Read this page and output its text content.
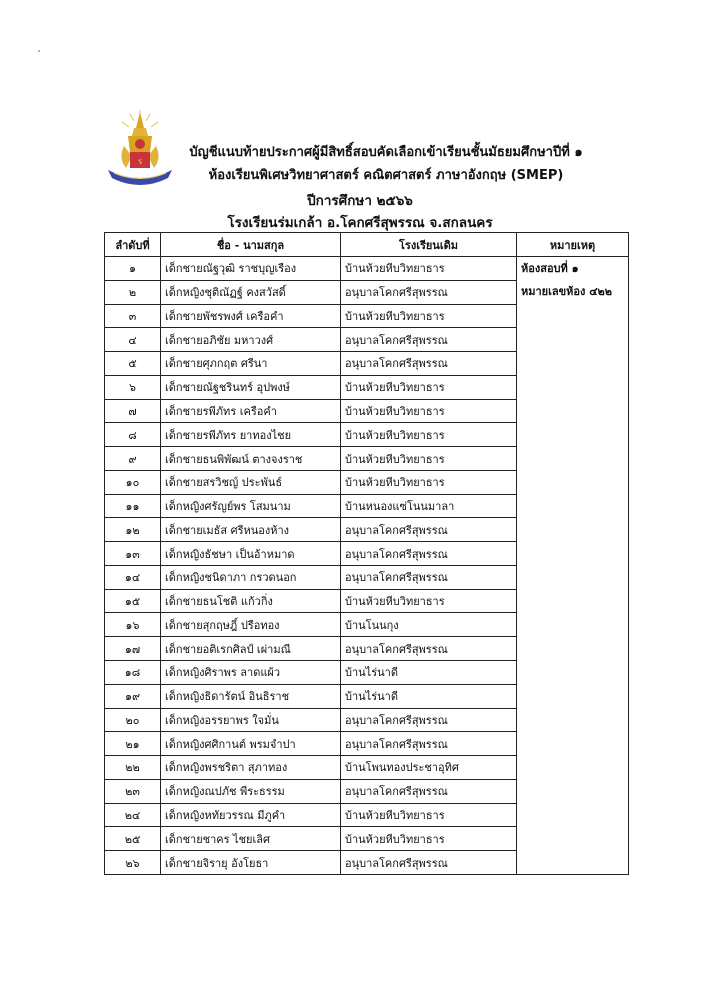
ร
บัญชีแนบท้ายประกาศผู้มีสิทธิ์สอบคัดเลือกเข้าเรียนชั้นมัธยมศึกษาปีที่ ๑
ห้องเรียนพิเศษวิทยาศาสตร์ คณิตศาสตร์ ภาษาอังกฤษ (SMEP)
ปีการศึกษา ๒๕๖๖
โรงเรียนร่มเกล้า อ.โคกศรีสุพรรณ จ.สกลนคร
ลำดับที่	ชื่อ - นามสกุล	โรงเรียนเดิม	หมายเหตุ
๑	เด็กชายณัฐวุฒิ ราชบุญเรือง	บ้านห้วยหีบวิทยาธาร	ห้องสอบที่ ๑
หมายเลขห้อง ๔๒๒

๒	เด็กหญิงชุติณัฏฐ์ คงสวัสดิ์	อนุบาลโคกศรีสุพรรณ	
๓	เด็กชายพัชรพงศ์ เครือคำ	บ้านห้วยหีบวิทยาธาร	
๔	เด็กชายอภิชัย มหาวงศ์	อนุบาลโคกศรีสุพรรณ	
๕	เด็กชายศุภกฤต ศรีนา	อนุบาลโคกศรีสุพรรณ	
๖	เด็กชายณัฐชรินทร์ อุปพงษ์	บ้านห้วยหีบวิทยาธาร	
๗	เด็กชายรพีภัทร เครือคำ	บ้านห้วยหีบวิทยาธาร	
๘	เด็กชายรพีภัทร ยาทองไชย	บ้านห้วยหีบวิทยาธาร	
๙	เด็กชายธนพิพัฒน์ ตางจงราช	บ้านห้วยหีบวิทยาธาร	
๑๐	เด็กชายสรวิชญ์ ประพันธ์	บ้านห้วยหีบวิทยาธาร	
๑๑	เด็กหญิงศรัญย์พร โสมนาม	บ้านหนองแซ่โนนมาลา	
๑๒	เด็กชายเมธัส ศรีหนองห้าง	อนุบาลโคกศรีสุพรรณ	
๑๓	เด็กหญิงธัชษา เป็นอ้าหมาด	อนุบาลโคกศรีสุพรรณ	
๑๔	เด็กหญิงชนิดาภา กรวดนอก	อนุบาลโคกศรีสุพรรณ	
๑๕	เด็กชายธนโชติ แก้วกิ่ง	บ้านห้วยหีบวิทยาธาร	
๑๖	เด็กชายสุกฤษฎิ์ ปรือทอง	บ้านโนนกุง	
๑๗	เด็กชายอติเรกศิลป์ เผ่ามณี	อนุบาลโคกศรีสุพรรณ	
๑๘	เด็กหญิงศิราพร ลาดแผ้ว	บ้านไร่นาดี	
๑๙	เด็กหญิงธิดารัตน์ อินธิราช	บ้านไร่นาดี	
๒๐	เด็กหญิงอรรยาพร ใจมั่น	อนุบาลโคกศรีสุพรรณ	
๒๑	เด็กหญิงศศิกานต์ พรมจำปา	อนุบาลโคกศรีสุพรรณ	
๒๒	เด็กหญิงพรชริตา สุภาทอง	บ้านโพนทองประชาอุทิศ	
๒๓	เด็กหญิงณปภัช พีระธรรม	อนุบาลโคกศรีสุพรรณ	
๒๔	เด็กหญิงหทัยวรรณ มีภูคำ	บ้านห้วยหีบวิทยาธาร	
๒๕	เด็กชายชาคร ไชยเลิศ	บ้านห้วยหีบวิทยาธาร	
๒๖	เด็กชายจิรายุ อังโยธา	อนุบาลโคกศรีสุพรรณ	
